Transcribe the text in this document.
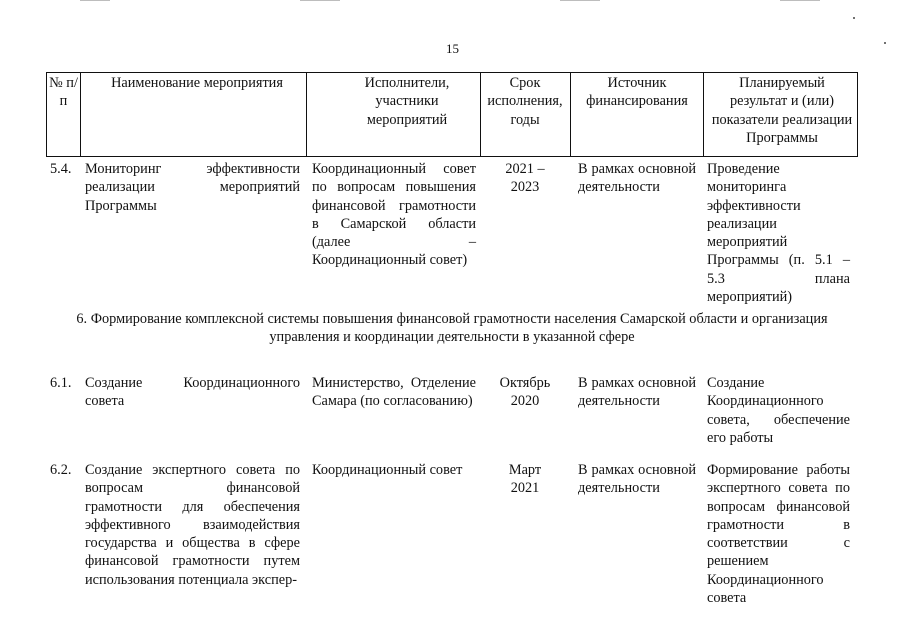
15
№ п/п
Наименование мероприятия	Исполнители, участники мероприятий
Срок исполнения, годы
Источник финансирования
Планируемый результат и (или) показатели реализации Программы
5.4. Мониторинг эффективности реализации мероприятий Программы
Координационный совет по вопросам повышения финансовой грамотности в Самарской области (далее – Координационный совет)
2021 – 2023
В рамках основной деятельности
Проведение мониторинга эффективности реализации мероприятий Программы (п. 5.1 – 5.3 плана мероприятий)
6. Формирование комплексной системы повышения финансовой грамотности населения Самарской области и организация управления и координации деятельности в указанной сфере
6.1. Создание Координационного совета
Министерство, Отделение Самара (по согласованию)
Октябрь 2020
В рамках основной деятельности
Создание Координационного совета, обеспечение его работы
6.2. Создание экспертного совета по вопросам финансовой грамотности для обеспечения эффективного взаимодействия государства и общества в сфере финансовой грамотности путем использования потенциала экспер-
Координационный совет	Март 2021
В рамках основной деятельности
Формирование работы экспертного совета по вопросам финансовой грамотности в соответствии с решением Координационного совета
